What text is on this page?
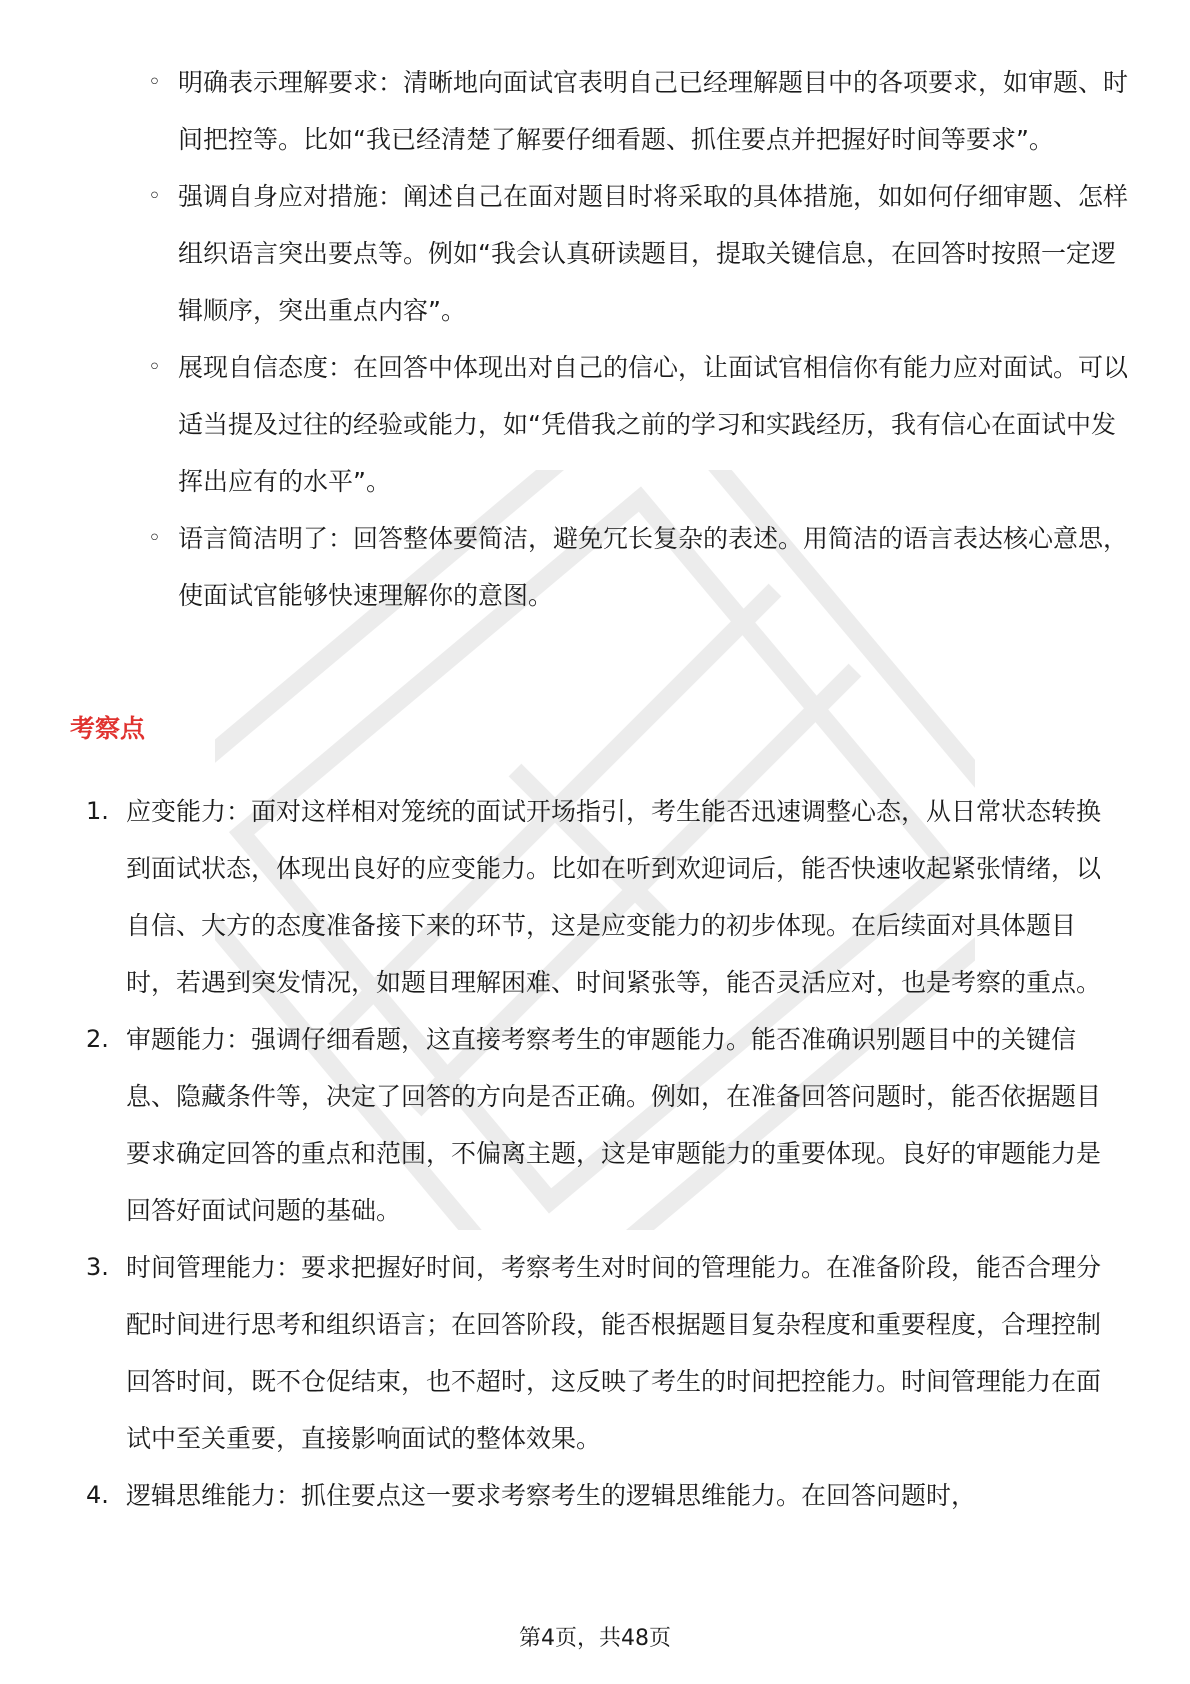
◦ 明确表示理解要求：清晰地向面试官表明自己已经理解题目中的各项要求，如审题、时间把控等。比如“我已经清楚了解要仔细看题、抓住要点并把握好时间等要求”。
◦ 强调自身应对措施：阐述自己在面对题目时将采取的具体措施，如如何仔细审题、怎样组织语言突出要点等。例如“我会认真研读题目，提取关键信息，在回答时按照一定逻辑顺序，突出重点内容”。
◦ 展现自信态度：在回答中体现出对自己的信心，让面试官相信你有能力应对面试。可以适当提及过往的经验或能力，如“凭借我之前的学习和实践经历，我有信心在面试中发挥出应有的水平”。
◦ 语言简洁明了：回答整体要简洁，避免冗长复杂的表述。用简洁的语言表达核心意思，使面试官能够快速理解你的意图。
考察点
1. 应变能力：面对这样相对笼统的面试开场指引，考生能否迅速调整心态，从日常状态转换到面试状态，体现出良好的应变能力。比如在听到欢迎词后，能否快速收起紧张情绪，以自信、大方的态度准备接下来的环节，这是应变能力的初步体现。在后续面对具体题目时，若遇到突发情况，如题目理解困难、时间紧张等，能否灵活应对，也是考察的重点。
2. 审题能力：强调仔细看题，这直接考察考生的审题能力。能否准确识别题目中的关键信息、隐藏条件等，决定了回答的方向是否正确。例如，在准备回答问题时，能否依据题目要求确定回答的重点和范围，不偏离主题，这是审题能力的重要体现。良好的审题能力是回答好面试问题的基础。
3. 时间管理能力：要求把握好时间，考察考生对时间的管理能力。在准备阶段，能否合理分配时间进行思考和组织语言；在回答阶段，能否根据题目复杂程度和重要程度，合理控制回答时间，既不仓促结束，也不超时，这反映了考生的时间把控能力。时间管理能力在面试中至关重要，直接影响面试的整体效果。
4. 逻辑思维能力：抓住要点这一要求考察考生的逻辑思维能力。在回答问题时，
第4页，共48页
